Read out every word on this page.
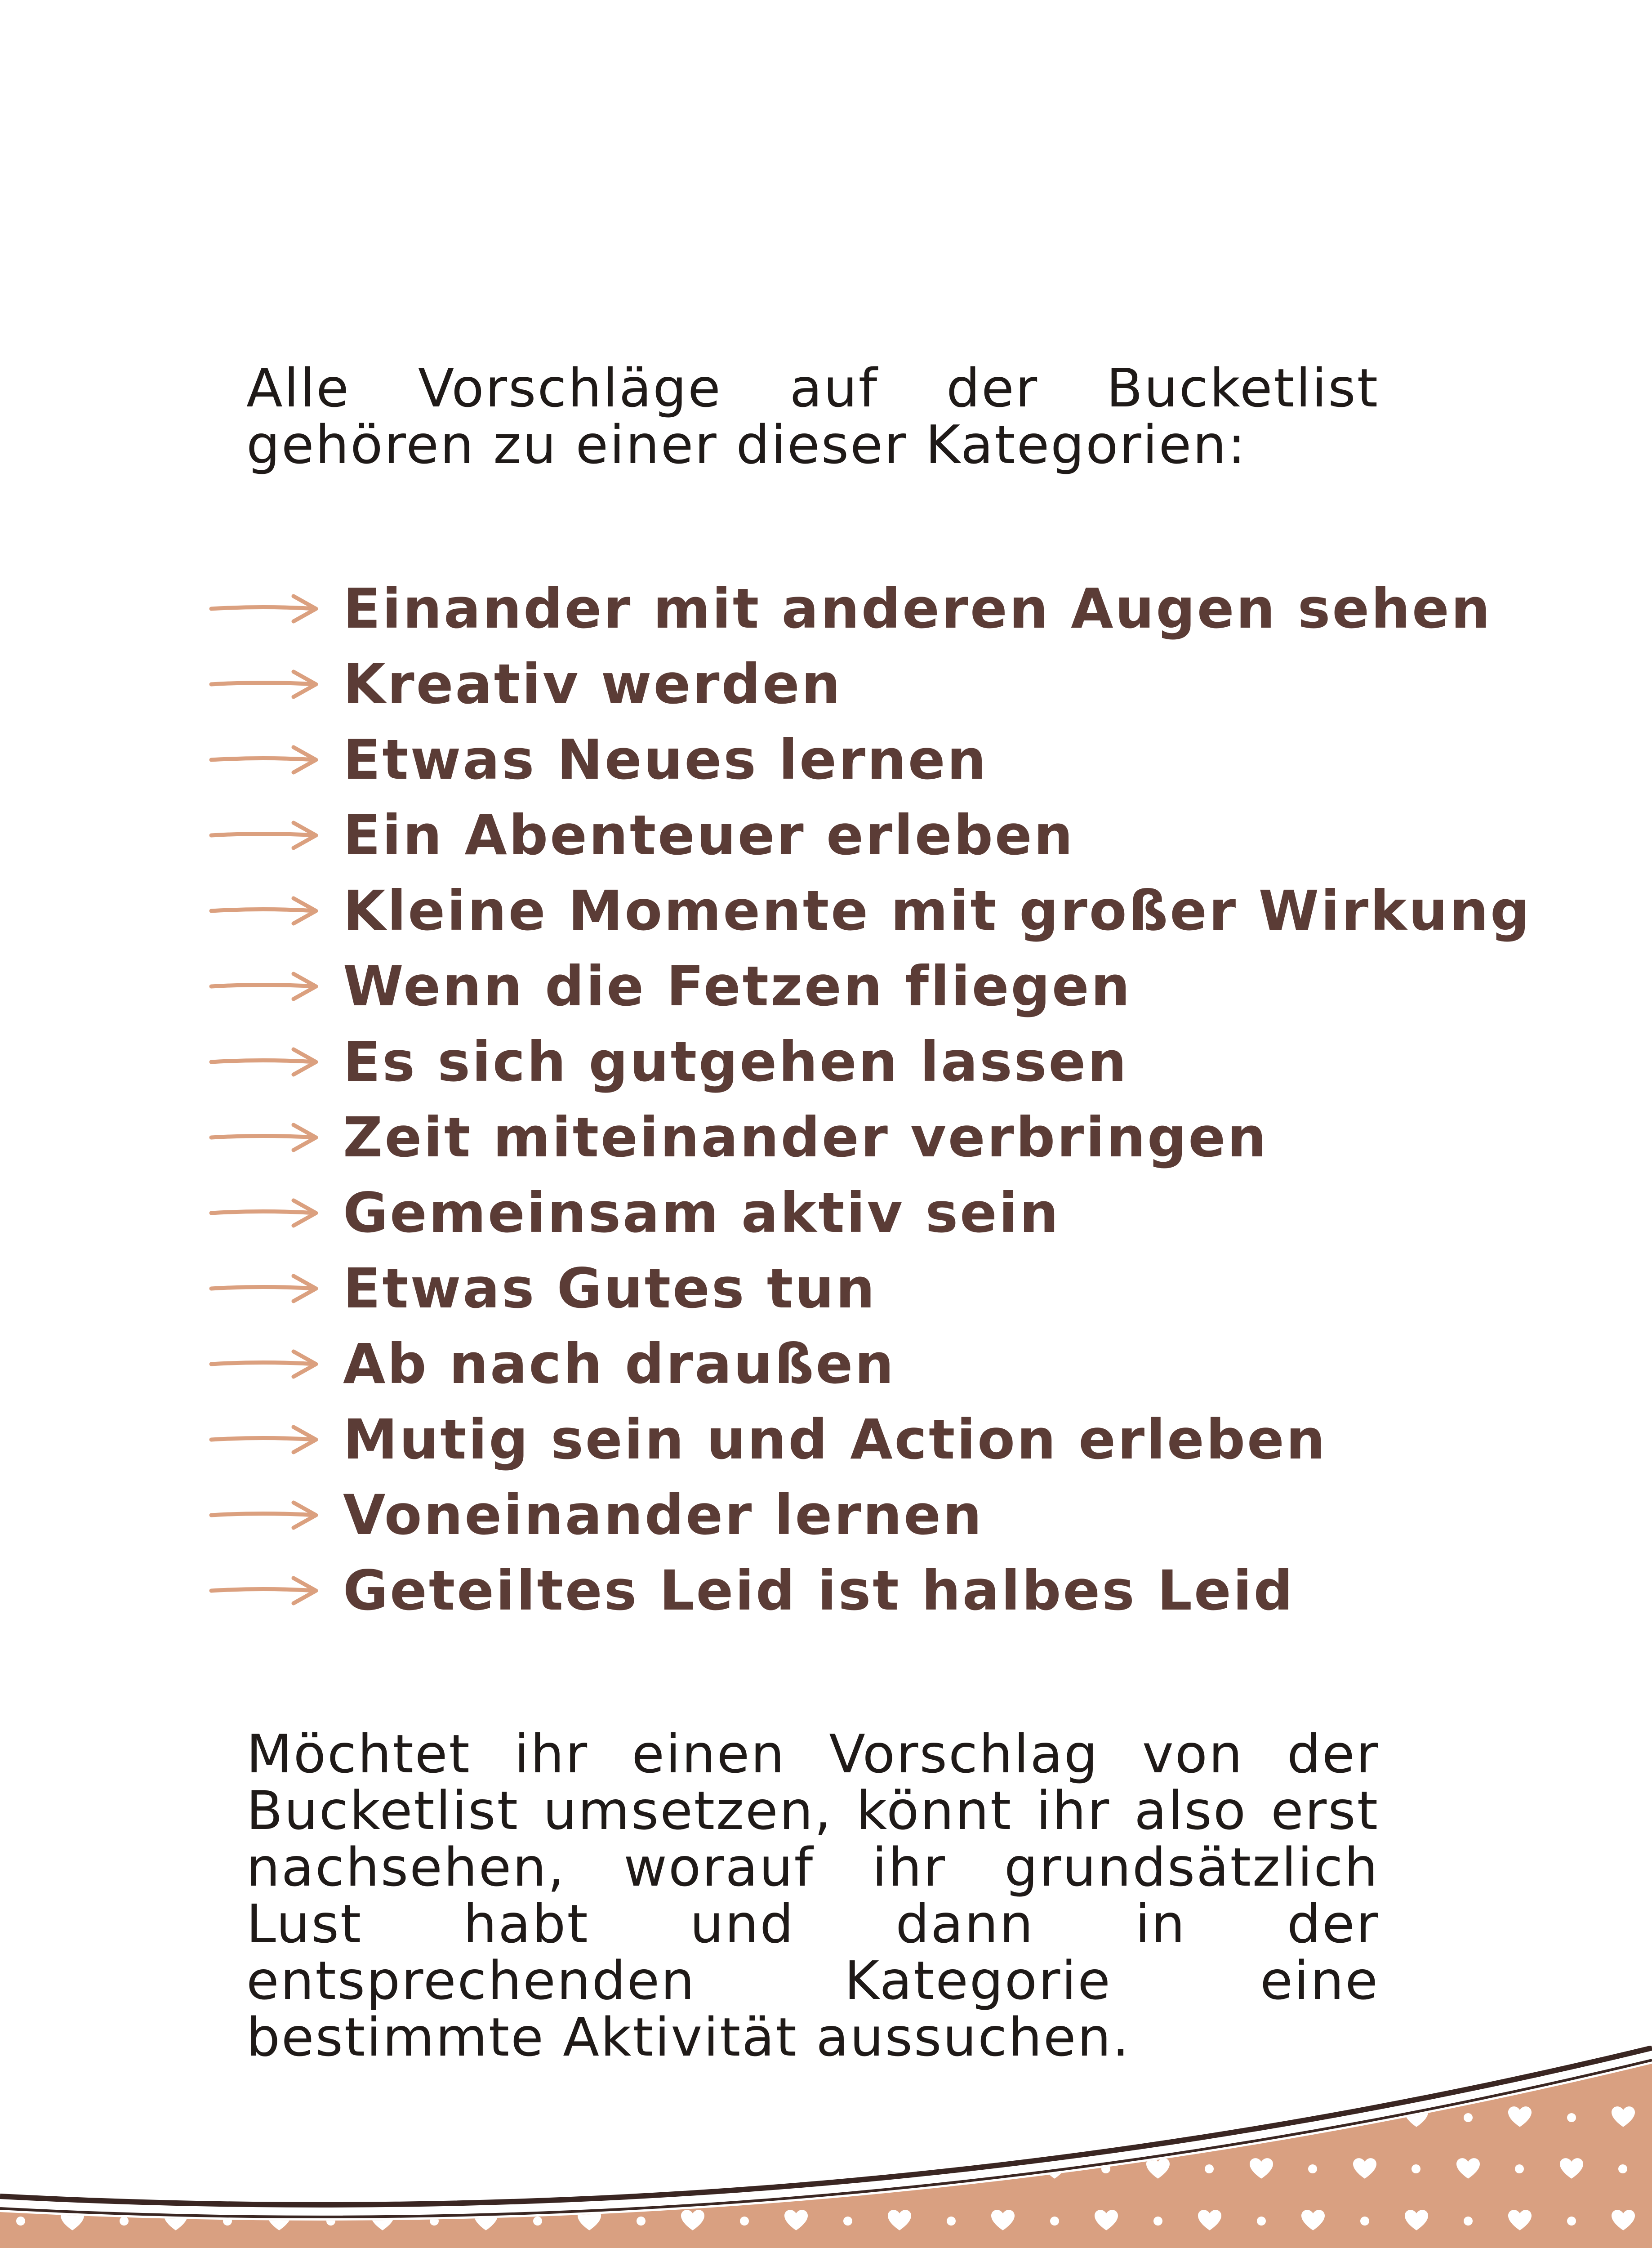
Alle Vorschläge auf der Bucketlist gehören zu einer dieser Kategorien:

Einander mit anderen Augen sehen
Kreativ werden
Etwas Neues lernen
Ein Abenteuer erleben
Kleine Momente mit großer Wirkung
Wenn die Fetzen fliegen
Es sich gutgehen lassen
Zeit miteinander verbringen
Gemeinsam aktiv sein
Etwas Gutes tun
Ab nach draußen
Mutig sein und Action erleben
Voneinander lernen
Geteiltes Leid ist halbes Leid

Möchtet ihr einen Vorschlag von der Bucketlist umsetzen, könnt ihr also erst nachsehen, worauf ihr grundsätzlich Lust habt und dann in der entsprechenden Kategorie eine bestimmte Aktivität aussuchen.
